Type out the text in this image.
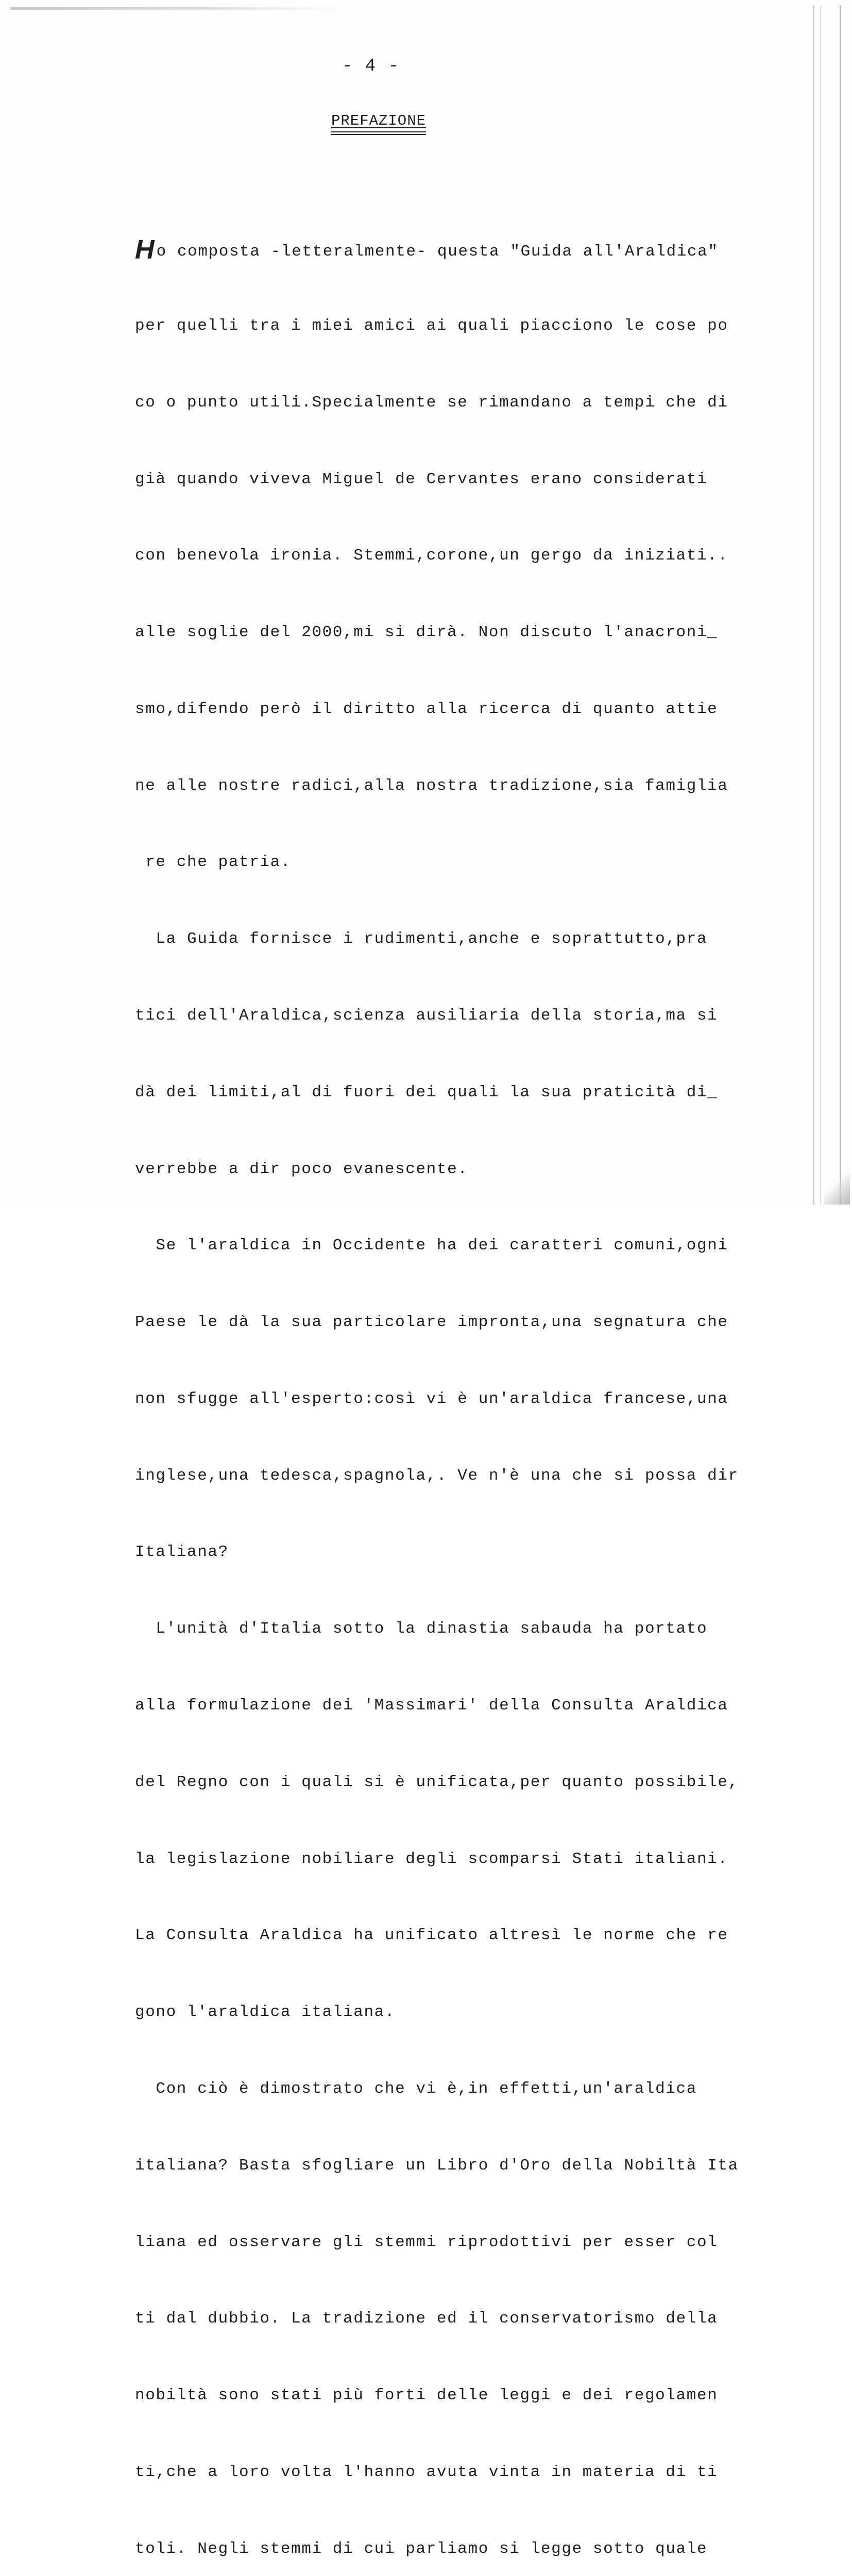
- 4 -
PREFAZIONE

Ho composta -letteralmente- questa "Guida all'Araldica"

per quelli tra i miei amici ai quali piacciono le cose po

co o punto utili.Specialmente se rimandano a tempi che di

già quando viveva Miguel de Cervantes erano considerati

con benevola ironia. Stemmi,corone,un gergo da iniziati..

alle soglie del 2000,mi si dirà. Non discuto l'anacroni_

smo,difendo però il diritto alla ricerca di quanto attie

ne alle nostre radici,alla nostra tradizione,sia famiglia

re che patria.

La Guida fornisce i rudimenti,anche e soprattutto,pra

tici dell'Araldica,scienza ausiliaria della storia,ma si

dà dei limiti,al di fuori dei quali la sua praticità di_

verrebbe a dir poco evanescente.

Se l'araldica in Occidente ha dei caratteri comuni,ogni

Paese le dà la sua particolare impronta,una segnatura che

non sfugge all'esperto:così vi è un'araldica francese,una

inglese,una tedesca,spagnola,. Ve n'è una che si possa dir

Italiana?

L'unità d'Italia sotto la dinastia sabauda ha portato

alla formulazione dei 'Massimari' della Consulta Araldica

del Regno con i quali si è unificata,per quanto possibile,

la legislazione nobiliare degli scomparsi Stati italiani.

La Consulta Araldica ha unificato altresì le norme che re

gono l'araldica italiana.

Con ciò è dimostrato che vi è,in effetti,un'araldica

italiana? Basta sfogliare un Libro d'Oro della Nobiltà Ita

liana ed osservare gli stemmi riprodottivi per esser col

ti dal dubbio. La tradizione ed il conservatorismo della

nobiltà sono stati più forti delle leggi e dei regolamen

ti,che a loro volta l'hanno avuta vinta in materia di ti

toli. Negli stemmi di cui parliamo si legge sotto quale
